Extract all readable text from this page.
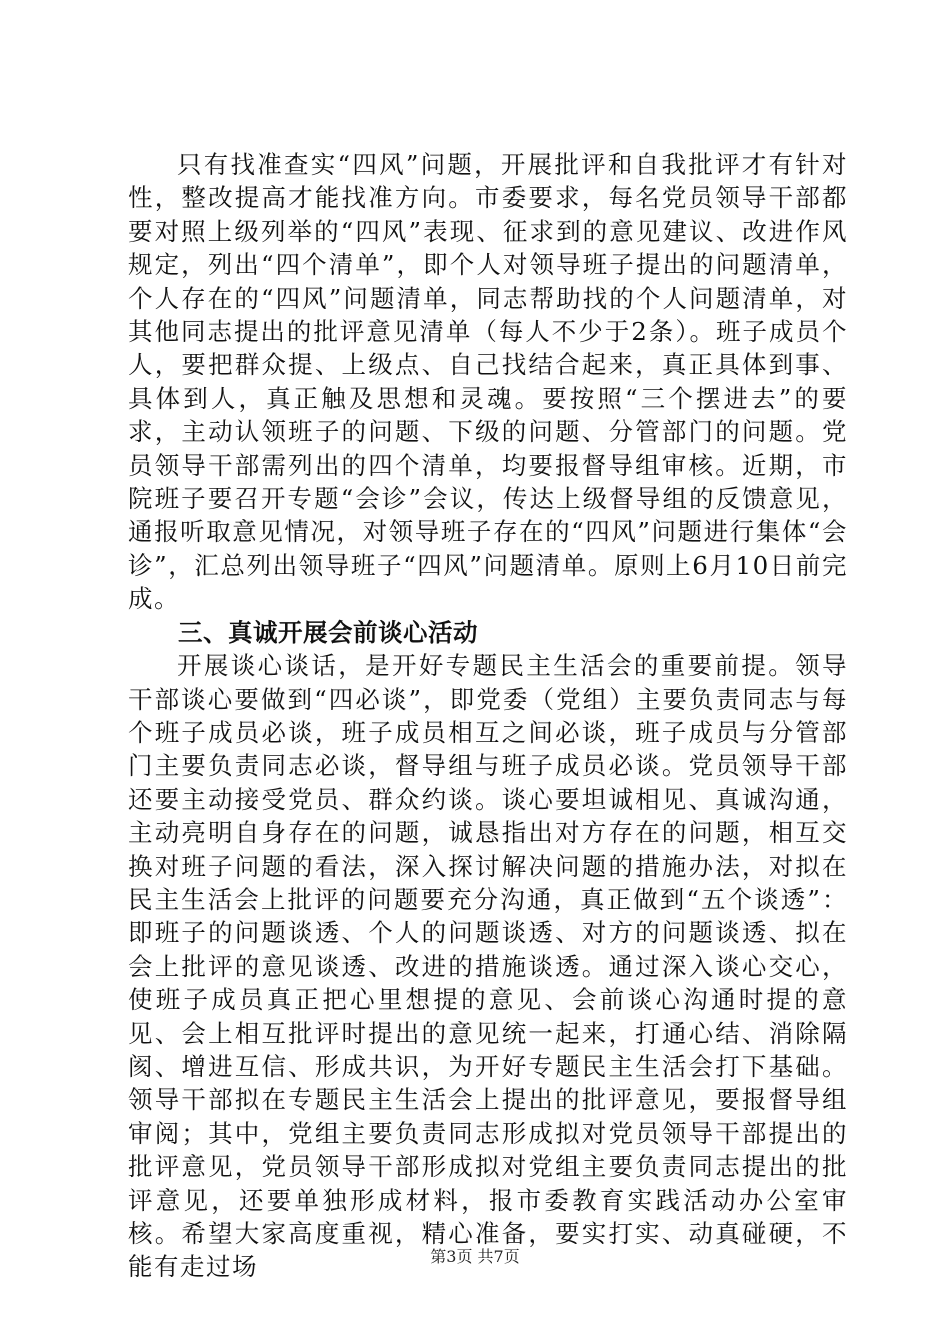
只有找准查实“四风”问题，开展批评和自我批评才有针对性，整改提高才能找准方向。市委要求，每名党员领导干部都要对照上级列举的“四风”表现、征求到的意见建议、改进作风规定，列出“四个清单”，即个人对领导班子提出的问题清单，个人存在的“四风”问题清单，同志帮助找的个人问题清单，对其他同志提出的批评意见清单（每人不少于2条）。班子成员个人，要把群众提、上级点、自己找结合起来，真正具体到事、具体到人，真正触及思想和灵魂。要按照“三个摆进去”的要求，主动认领班子的问题、下级的问题、分管部门的问题。党员领导干部需列出的四个清单，均要报督导组审核。近期，市院班子要召开专题“会诊”会议，传达上级督导组的反馈意见，通报听取意见情况，对领导班子存在的“四风”问题进行集体“会诊”，汇总列出领导班子“四风”问题清单。原则上6月10日前完成。

三、真诚开展会前谈心活动

开展谈心谈话，是开好专题民主生活会的重要前提。领导干部谈心要做到“四必谈”，即党委（党组）主要负责同志与每个班子成员必谈，班子成员相互之间必谈，班子成员与分管部门主要负责同志必谈，督导组与班子成员必谈。党员领导干部还要主动接受党员、群众约谈。谈心要坦诚相见、真诚沟通，主动亮明自身存在的问题，诚恳指出对方存在的问题，相互交换对班子问题的看法，深入探讨解决问题的措施办法，对拟在民主生活会上批评的问题要充分沟通，真正做到“五个谈透”：即班子的问题谈透、个人的问题谈透、对方的问题谈透、拟在会上批评的意见谈透、改进的措施谈透。通过深入谈心交心，使班子成员真正把心里想提的意见、会前谈心沟通时提的意见、会上相互批评时提出的意见统一起来，打通心结、消除隔阂、增进互信、形成共识，为开好专题民主生活会打下基础。领导干部拟在专题民主生活会上提出的批评意见，要报督导组审阅；其中，党组主要负责同志形成拟对党员领导干部提出的批评意见，党员领导干部形成拟对党组主要负责同志提出的批评意见，还要单独形成材料，报市委教育实践活动办公室审核。希望大家高度重视，精心准备，要实打实、动真碰硬，不能有走过场	第3页 共7页
